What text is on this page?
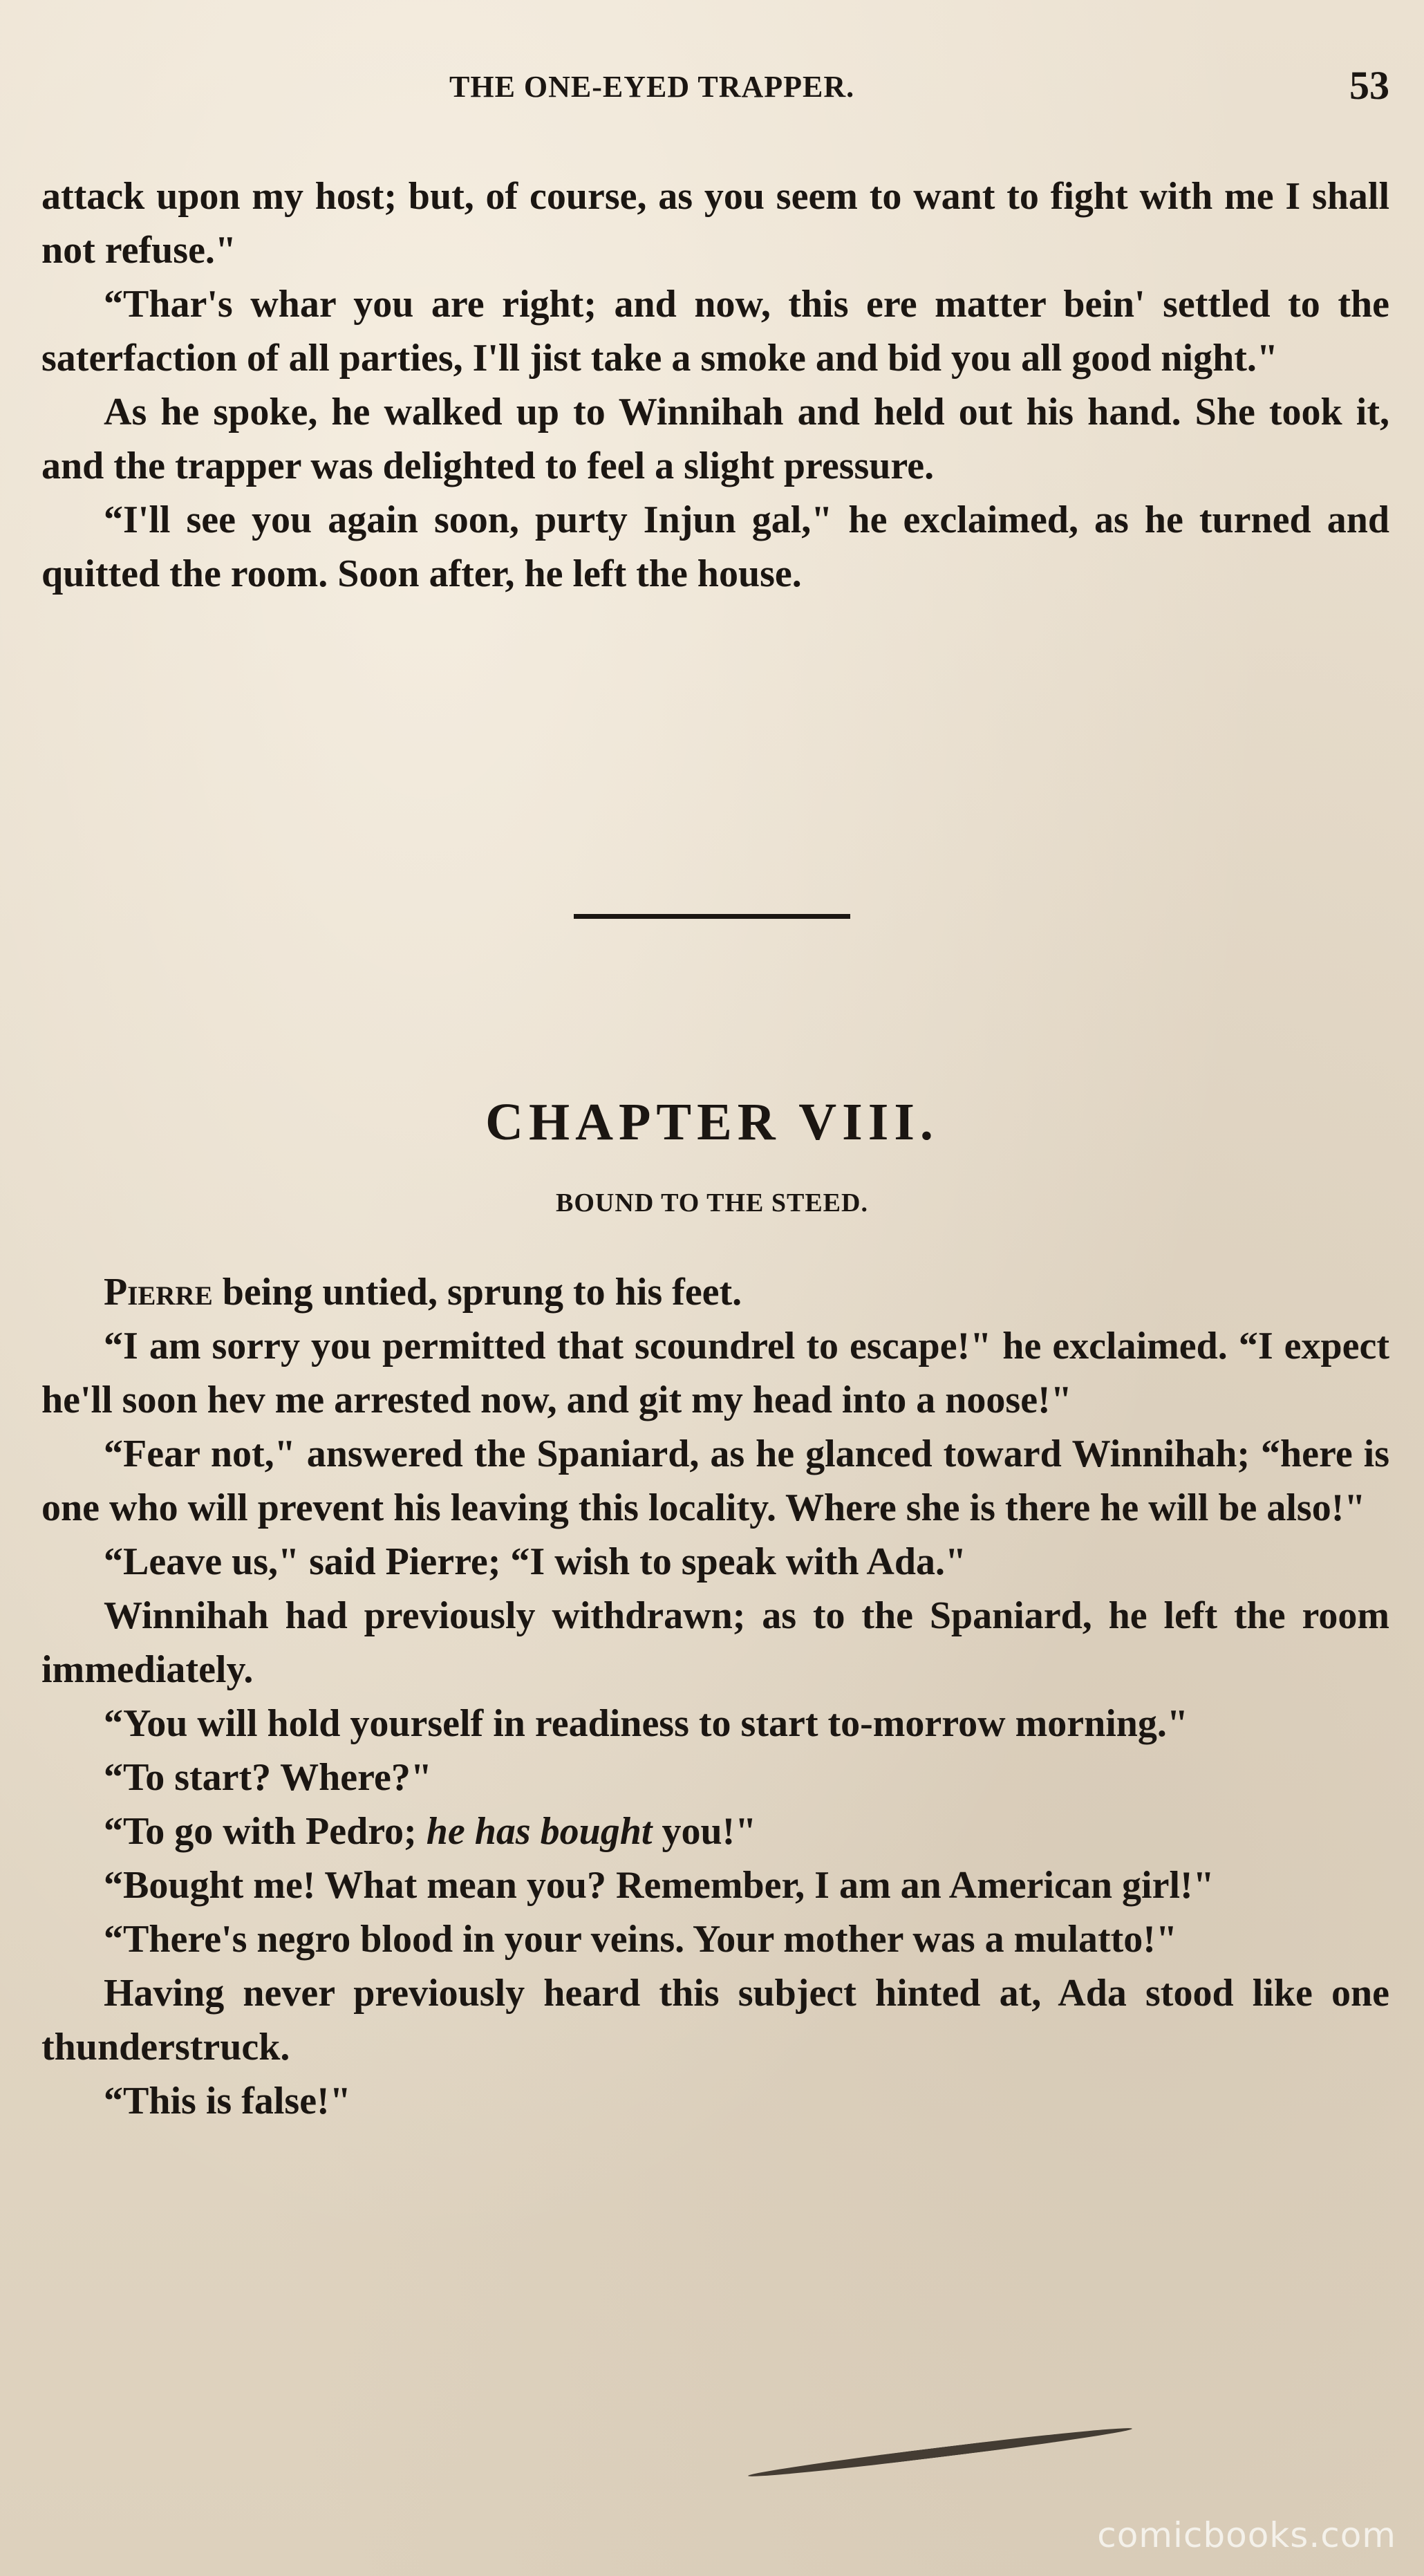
THE ONE-EYED TRAPPER.	53

attack upon my host; but, of course, as you seem to want to fight with me I shall not refuse."

“Thar's whar you are right; and now, this ere matter bein' settled to the saterfaction of all parties, I'll jist take a smoke and bid you all good night."

As he spoke, he walked up to Winnihah and held out his hand. She took it, and the trapper was delighted to feel a slight pressure.

“I'll see you again soon, purty Injun gal," he exclaimed, as he turned and quitted the room. Soon after, he left the house.

CHAPTER VIII.
BOUND TO THE STEED.

Pierre being untied, sprung to his feet.

“I am sorry you permitted that scoundrel to escape!" he exclaimed. “I expect he'll soon hev me arrested now, and git my head into a noose!"

“Fear not," answered the Spaniard, as he glanced toward Winnihah; “here is one who will prevent his leaving this locality. Where she is there he will be also!"

“Leave us," said Pierre; “I wish to speak with Ada."

Winnihah had previously withdrawn; as to the Spaniard, he left the room immediately.

“You will hold yourself in readiness to start to-morrow morning."

“To start? Where?"

“To go with Pedro; he has bought you!"

“Bought me! What mean you? Remember, I am an American girl!"

“There's negro blood in your veins. Your mother was a mulatto!"

Having never previously heard this subject hinted at, Ada stood like one thunderstruck.

“This is false!"

comicbooks.com
